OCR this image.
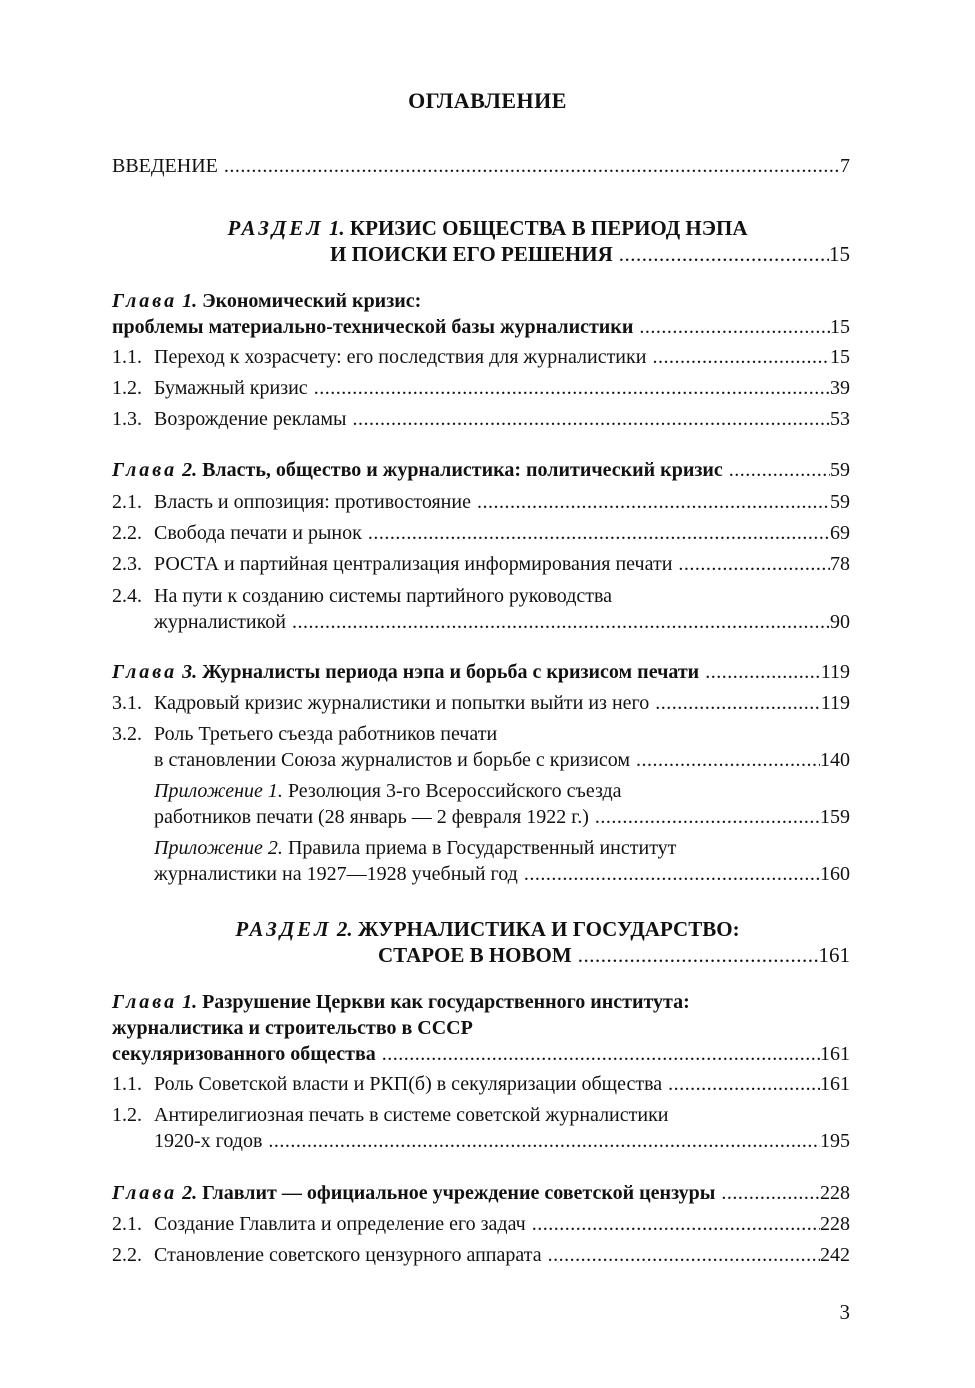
ОГЛАВЛЕНИЕ
ВВЕДЕНИЕ .....	7
РАЗДЕЛ 1. КРИЗИС ОБЩЕСТВА В ПЕРИОД НЭПА
И ПОИСКИ ЕГО РЕШЕНИЯ .....	15
Глава 1. Экономический кризис:
проблемы материально-технической базы журналистики .....	15
1.1. Переход к хозрасчету: его последствия для журналистики .....	15
1.2. Бумажный кризис .....	39
1.3. Возрождение рекламы .....	53
Глава 2. Власть, общество и журналистика: политический кризис .....	59
2.1. Власть и оппозиция: противостояние .....	59
2.2. Свобода печати и рынок .....	69
2.3. РОСТА и партийная централизация информирования печати .....	78
2.4. На пути к созданию системы партийного руководства
журналистикой .....	90
Глава 3. Журналисты периода нэпа и борьба с кризисом печати .....	119
3.1. Кадровый кризис журналистики и попытки выйти из него .....	119
3.2. Роль Третьего съезда работников печати
в становлении Союза журналистов и борьбе с кризисом .....	140
Приложение 1. Резолюция 3-го Всероссийского съезда
работников печати (28 январь — 2 февраля 1922 г.) .....	159
Приложение 2. Правила приема в Государственный институт
журналистики на 1927—1928 учебный год .....	160
РАЗДЕЛ 2. ЖУРНАЛИСТИКА И ГОСУДАРСТВО:
СТАРОЕ В НОВОМ .....	161
Глава 1. Разрушение Церкви как государственного института:
журналистика и строительство в СССР
секуляризованного общества .....	161
1.1. Роль Советской власти и РКП(б) в секуляризации общества .....	161
1.2. Антирелигиозная печать в системе советской журналистики
1920-х годов .....	195
Глава 2. Главлит — официальное учреждение советской цензуры .....	228
2.1. Создание Главлита и определение его задач .....	228
2.2. Становление советского цензурного аппарата .....	242
3
